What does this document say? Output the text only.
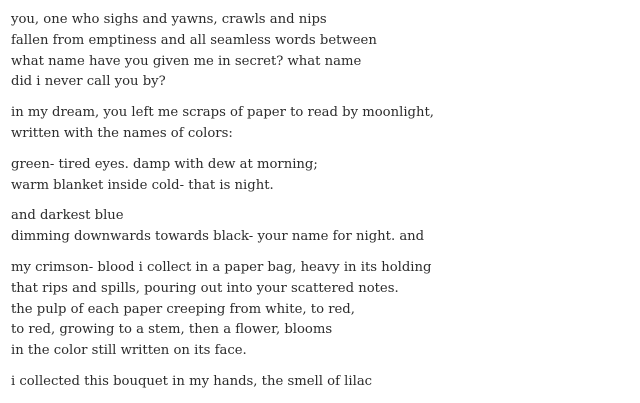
you, one who sighs and yawns, crawls and nips
fallen from emptiness and all seamless words between
what name have you given me in secret? what name
did i never call you by?
in my dream, you left me scraps of paper to read by moonlight,
written with the names of colors:
green- tired eyes. damp with dew at morning;
warm blanket inside cold- that is night.
and darkest blue
dimming downwards towards black- your name for night. and
my crimson- blood i collect in a paper bag, heavy in its holding
that rips and spills, pouring out into your scattered notes.
the pulp of each paper creeping from white, to red,
to red, growing to a stem, then a flower, blooms
in the color still written on its face.
i collected this bouquet in my hands, the smell of lilac
